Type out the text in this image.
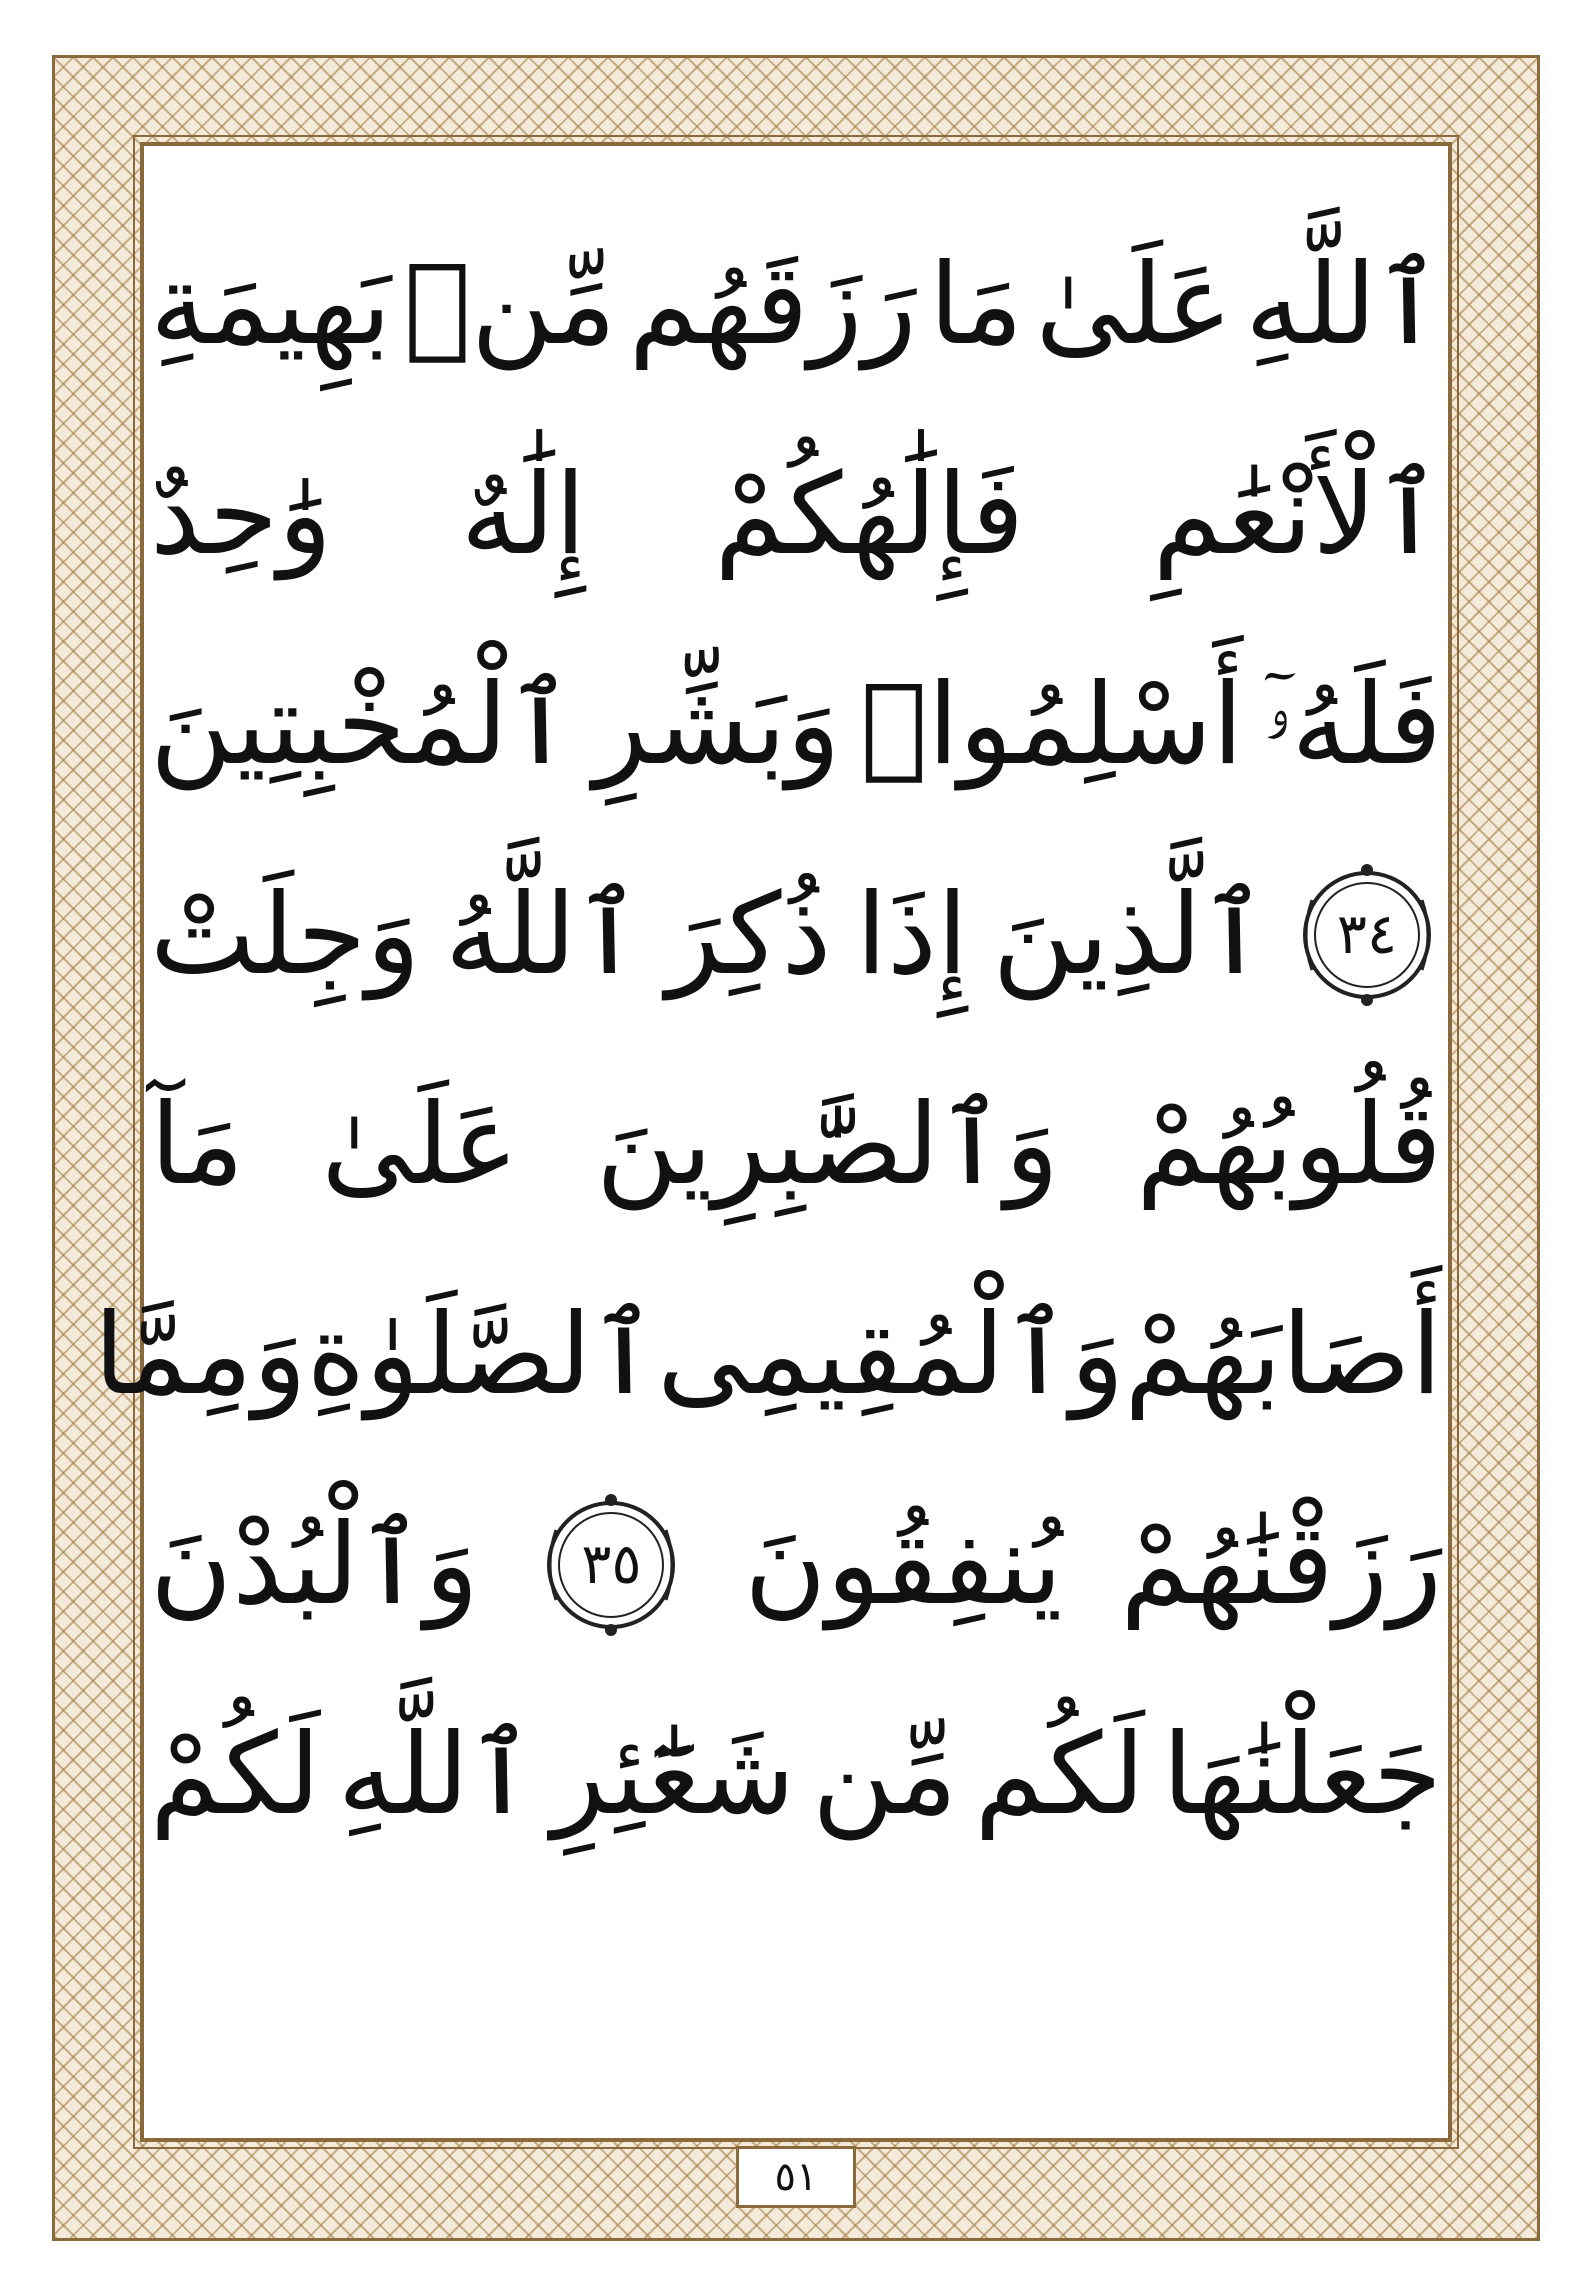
ٱللَّهِ
عَلَىٰ
مَا
رَزَقَهُم
مِّنۢ
بَهِيمَةِ
ٱلْأَنْعَٰمِ
فَإِلَٰهُكُمْ
إِلَٰهٌ
وَٰحِدٌ
فَلَهُۥٓ
أَسْلِمُوا۟
وَبَشِّرِ
ٱلْمُخْبِتِينَ
٣٤
ٱلَّذِينَ
إِذَا
ذُكِرَ
ٱللَّهُ
وَجِلَتْ
قُلُوبُهُمْ
وَٱلصَّٰبِرِينَ
عَلَىٰ
مَآ
أَصَابَهُمْ
وَٱلْمُقِيمِى
ٱلصَّلَوٰةِ
وَمِمَّا
رَزَقْنَٰهُمْ
يُنفِقُونَ
٣٥
وَٱلْبُدْنَ
جَعَلْنَٰهَا
لَكُم
مِّن
شَعَٰٓئِرِ
ٱللَّهِ
لَكُمْ
٥١
